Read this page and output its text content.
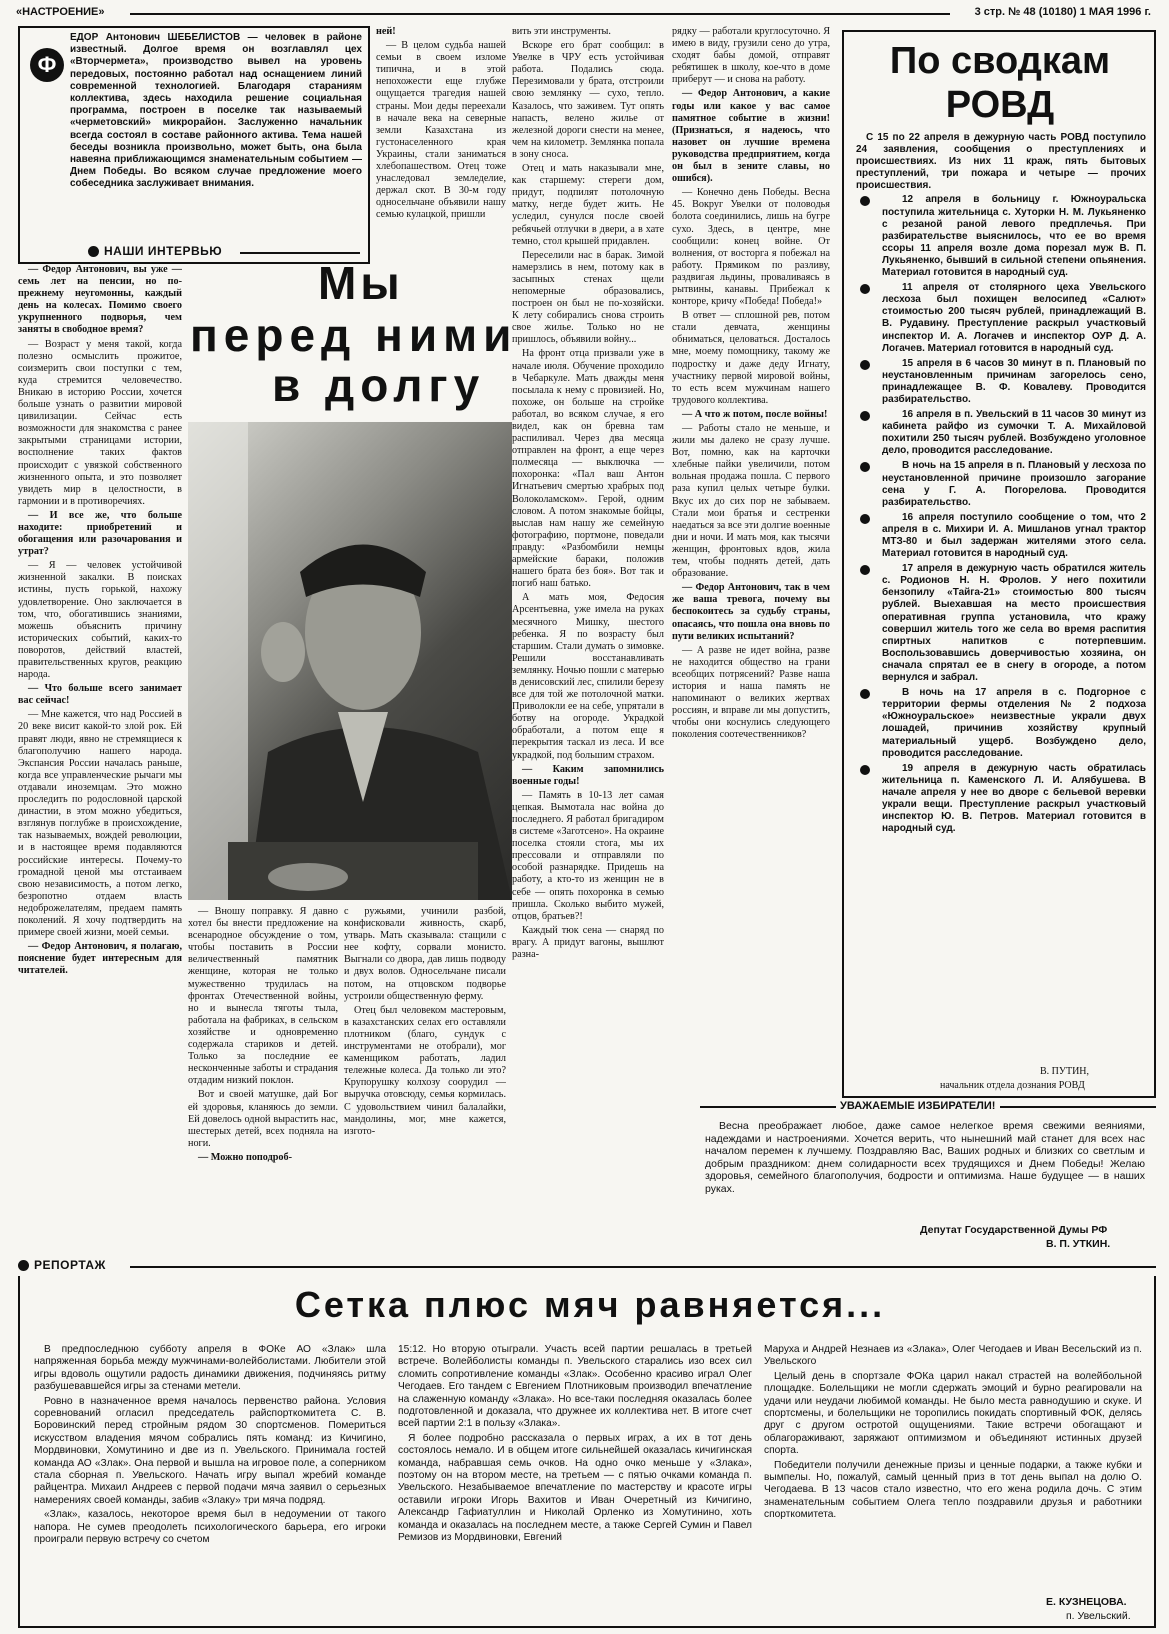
«НАСТРОЕНИЕ»	3 стр. № 48 (10180) 1 МАЯ 1996 г.
Ф
ЕДОР Антонович ШЕБЕЛИСТОВ — человек в районе известный. Долгое время он возглавлял цех «Вторчермета», производство вывел на уровень передовых, постоянно работал над оснащением линий современной технологией. Благодаря стараниям коллектива, здесь находила решение социальная программа, построен в поселке так называемый «черметовский» микрорайон. Заслуженно начальник всегда состоял в составе районного актива. Тема нашей беседы возникла произвольно, может быть, она была навеяна приближающимся знаменательным событием — Днем Победы. Во всяком случае предложение моего собеседника заслуживает внимания.
НАШИ ИНТЕРВЬЮ
Мы
перед ними
в долгу

— Федор Антонович, вы уже — семь лет на пенсии, но по-прежнему неугомонны, каждый день на колесах. Помимо своего укрупненного подворья, чем заняты в свободное время?

— Возраст у меня такой, когда полезно осмыслить прожитое, соизмерить свои поступки с тем, куда стремится человечество. Вникаю в историю России, хочется больше узнать о развитии мировой цивилизации. Сейчас есть возможности для знакомства с ранее закрытыми страницами истории, восполнение таких фактов происходит с увязкой собственного жизненного опыта, и это позволяет увидеть мир в целостности, в гармонии и в противоречиях.

— И все же, что больше находите: приобретений и обогащения или разочарования и утрат?

— Я — человек устойчивой жизненной закалки. В поисках истины, пусть горькой, нахожу удовлетворение. Оно заключается в том, что, обогатившись знаниями, можешь объяснить причину исторических событий, каких-то поворотов, действий властей, правительственных кругов, реакцию народа.

— Что больше всего занимает вас сейчас!

— Мне кажется, что над Россией в 20 веке висит какой-то злой рок. Ей правят люди, явно не стремящиеся к благополучию нашего народа. Экспансия России началась раньше, когда все управленческие рычаги мы отдавали иноземцам. Это можно проследить по родословной царской династии, в этом можно убедиться, взглянув поглубже в происхождение, так называемых, вождей революции, и в настоящее время подавляются российские интересы. Почему-то громадной ценой мы отстаиваем свою независимость, а потом легко, безропотно отдаем власть недоброжелателям, предаем память поколений. Я хочу подтвердить на примере своей жизни, моей семьи.

— Федор Антонович, я полагаю, пояснение будет интересным для читателей.

ней!

— В целом судьба нашей семьи в своем изломе типична, и в этой непохожести еще глубже ощущается трагедия нашей страны. Мои деды переехали в начале века на северные земли Казахстана из густонаселенного края Украины, стали заниматься хлебопашеством. Отец тоже унаследовал земледелие, держал скот. В 30-м году односельчане объявили нашу семью кулацкой, пришли

— Вношу поправку. Я давно хотел бы внести предложение на всенародное обсуждение о том, чтобы поставить в России величественный памятник женщине, которая не только мужественно трудилась на фронтах Отечественной войны, но и вынесла тяготы тыла, работала на фабриках, в сельском хозяйстве и одновременно содержала стариков и детей. Только за последние ее несконченные заботы и страдания отдадим низкий поклон.

Вот и своей матушке, дай Бог ей здоровья, кланяюсь до земли. Ей довелось одной вырастить нас, шестерых детей, всех подняла на ноги.

— Можно поподроб-

вить эти инструменты.

Вскоре его брат сообщил: в Увелке в ЧРУ есть устойчивая работа. Подались сюда. Перезимовали у брата, отстроили свою землянку — сухо, тепло. Казалось, что заживем. Тут опять напасть, велено жилье от железной дороги снести на менее, чем на километр. Землянка попала в зону сноса.

Отец и мать наказывали мне, как старшему: стереги дом, придут, подпилят потолочную матку, негде будет жить. Не уследил, сунулся после своей ребячьей отлучки в двери, а в хате темно, стол крышей придавлен.

Переселили нас в барак. Зимой намерзлись в нем, потому как в засыпных стенах щели непомерные образовались, построен он был не по-хозяйски. К лету собирались снова строить свое жилье. Только но не пришлось, объявили войну...

На фронт отца призвали уже в начале июля. Обучение проходило в Чебаркуле. Мать дважды меня посылала к нему с провизией. Но, похоже, он больше на стройке работал, во всяком случае, я его видел, как он бревна там распиливал. Через два месяца отправлен на фронт, а еще через полмесяца — выключка — похоронка: «Пал ваш Антон Игнатьевич смертью храбрых под Волоколамском». Герой, одним словом. А потом знакомые бойцы, выслав нам нашу же семейную фотографию, портмоне, поведали правду: «Разбомбили немцы армейские бараки, положив нашего брата без боя». Вот так и погиб наш батько.

А мать моя, Федосия Арсентьевна, уже имела на руках месячного Мишку, шестого ребенка. Я по возрасту был старшим. Стали думать о зимовке. Решили восстанавливать землянку. Ночью пошли с матерью в денисовский лес, спилили березу все для той же потолочной матки. Приволокли ее на себе, упрятали в ботву на огороде. Украдкой обработали, а потом еще я перекрытия таскал из леса. И все украдкой, под большим страхом.

— Каким запомнились военные годы!

— Память в 10-13 лет самая цепкая. Вымотала нас война до последнего. Я работал бригадиром в системе «Заготсено». На окраине поселка стояли стога, мы их прессовали и отправляли по особой разнарядке. Придешь на работу, а кто-то из женщин не в себе — опять похоронка в семью пришла. Сколько выбито мужей, отцов, братьев?!

Каждый тюк сена — снаряд по врагу. А придут вагоны, вышлют разна-

с ружьями, учинили разбой, конфисковали живность, скарб, утварь. Мать сказывала: стащили с нее кофту, сорвали монисто. Выгнали со двора, дав лишь подводу и двух волов. Односельчане писали потом, на отцовском подворье устроили общественную ферму.

Отец был человеком мастеровым, в казахстанских селах его оставляли плотником (благо, сундук с инструментами не отобрали), мог каменщиком работать, ладил тележные колеса. Да только ли это? Крупорушку колхозу соорудил — выручка отовсюду, семья кормилась. С удовольствием чинил балалайки, мандолины, мог, мне кажется, изгото-

рядку — работали круглосуточно. Я имею в виду, грузили сено до утра, сходят бабы домой, отправят ребятишек в школу, кое-что в доме приберут — и снова на работу.

— Федор Антонович, а какие годы или какое у вас самое памятное событие в жизни! (Признаться, я надеюсь, что назовет он лучшие времена руководства предприятием, когда он был в зените славы, но ошибся).

— Конечно день Победы. Весна 45. Вокруг Увелки от половодья болота соединились, лишь на бугре сухо. Здесь, в центре, мне сообщили: конец войне. От волнения, от восторга я побежал на работу. Прямиком по разливу, раздвигая льдины, проваливаясь в рытвины, канавы. Прибежал к конторе, кричу «Победа! Победа!»

В ответ — сплошной рев, потом стали девчата, женщины обниматься, целоваться. Досталось мне, моему помощнику, такому же подростку и даже деду Игнату, участнику первой мировой войны, то есть всем мужчинам нашего трудового коллектива.

— А что ж потом, после войны!

— Работы стало не меньше, и жили мы далеко не сразу лучше. Вот, помню, как на карточки хлебные пайки увеличили, потом вольная продажа пошла. С первого раза купил целых четыре булки. Вкус их до сих пор не забываем. Стали мои братья и сестренки наедаться за все эти долгие военные дни и ночи. И мать моя, как тысячи женщин, фронтовых вдов, жила тем, чтобы поднять детей, дать образование.

— Федор Антонович, так в чем же ваша тревога, почему вы беспокоитесь за судьбу страны, опасаясь, что пошла она вновь по пути великих испытаний?

— А разве не идет война, разве не находится общество на грани всеобщих потрясений? Разве наша история и наша память не напоминают о великих жертвах россиян, и вправе ли мы допустить, чтобы они коснулись следующего поколения соотечественников?

По сводкам
РОВД

С 15 по 22 апреля в дежурную часть РОВД поступило 24 заявления, сообщения о преступлениях и происшествиях. Из них 11 краж, пять бытовых преступлений, три пожара и четыре — прочих происшествия.

12 апреля в больницу г. Южноуральска поступила жительница с. Хуторки Н. М. Лукьяненко с резаной раной левого предплечья. При разбирательстве выяснилось, что ее во время ссоры 11 апреля возле дома порезал муж В. П. Лукьяненко, бывший в сильной степени опьянения. Материал готовится в народный суд.

11 апреля от столярного цеха Увельского лесхоза был похищен велосипед «Салют» стоимостью 200 тысяч рублей, принадлежащий В. В. Рудавину. Преступление раскрыл участковый инспектор И. А. Логачев и инспектор ОУР Д. А. Логачев. Материал готовится в народный суд.

15 апреля в 6 часов 30 минут в п. Плановый по неустановленным причинам загорелось сено, принадлежащее В. Ф. Ковалеву. Проводится разбирательство.

16 апреля в п. Увельский в 11 часов 30 минут из кабинета райфо из сумочки Т. А. Михайловой похитили 250 тысяч рублей. Возбуждено уголовное дело, проводится расследование.

В ночь на 15 апреля в п. Плановый у лесхоза по неустановленной причине произошло загорание сена у Г. А. Погорелова. Проводится разбирательство.

16 апреля поступило сообщение о том, что 2 апреля в с. Михири И. А. Мишланов угнал трактор МТЗ-80 и был задержан жителями этого села. Материал готовится в народный суд.

17 апреля в дежурную часть обратился житель с. Родионов Н. Н. Фролов. У него похитили бензопилу «Тайга-21» стоимостью 800 тысяч рублей. Выехавшая на место происшествия оперативная группа установила, что кражу совершил житель того же села во время распития спиртных напитков с потерпевшим. Воспользовавшись доверчивостью хозяина, он сначала спрятал ее в снегу в огороде, а потом вернулся и забрал.

В ночь на 17 апреля в с. Подгорное с территории фермы отделения № 2 подхоза «Южноуральское» неизвестные украли двух лошадей, причинив хозяйству крупный материальный ущерб. Возбуждено дело, проводится расследование.

19 апреля в дежурную часть обратилась жительница п. Каменского Л. И. Алябушева. В начале апреля у нее во дворе с бельевой веревки украли вещи. Преступление раскрыл участковый инспектор Ю. В. Петров. Материал готовится в народный суд.

В. ПУТИН,
начальник отдела дознания РОВД
УВАЖАЕМЫЕ ИЗБИРАТЕЛИ!
Весна преображает любое, даже самое нелегкое время свежими веяниями, надеждами и настроениями. Хочется верить, что нынешний май станет для всех нас началом перемен к лучшему. Поздравляю Вас, Ваших родных и близких со светлым и добрым праздником: днем солидарности всех трудящихся и Днем Победы! Желаю здоровья, семейного благополучия, бодрости и оптимизма. Наше будущее — в наших руках.
Депутат Государственной Думы РФ
В. П. УТКИН.
РЕПОРТАЖ
Сетка плюс мяч равняется...

В предпоследнюю субботу апреля в ФОКе АО «Злак» шла напряженная борьба между мужчинами-волейболистами. Любители этой игры вдоволь ощутили радость динамики движения, подчиняясь ритму разбушевавшейся игры за стенами метели.

Ровно в назначенное время началось первенство района. Условия соревнований огласил председатель райспорткомитета С. В. Боровинский перед стройным рядом 30 спортсменов. Помериться искусством владения мячом собрались пять команд: из Кичигино, Мордвиновки, Хомутинино и две из п. Увельского. Принимала гостей команда АО «Злак». Она первой и вышла на игровое поле, а соперником стала сборная п. Увельского. Начать игру выпал жребий команде райцентра. Михаил Андреев с первой подачи мяча заявил о серьезных намерениях своей команды, забив «Злаку» три мяча подряд.

«Злак», казалось, некоторое время был в недоумении от такого напора. Не сумев преодолеть психологического барьера, его игроки проиграли первую встречу со счетом

15:12. Но вторую отыграли. Участь всей партии решалась в третьей встрече. Волейболисты команды п. Увельского старались изо всех сил сломить сопротивление команды «Злак». Особенно красиво играл Олег Чегодаев. Его тандем с Евгением Плотниковым производил впечатление на слаженную команду «Злака». Но все-таки последняя оказалась более подготовленной и доказала, что дружнее их коллектива нет. В итоге счет всей партии 2:1 в пользу «Злака».

Я более подробно рассказала о первых играх, а их в тот день состоялось немало. И в общем итоге сильнейшей оказалась кичигинская команда, набравшая семь очков. На одно очко меньше у «Злака», поэтому он на втором месте, на третьем — с пятью очками команда п. Увельского. Незабываемое впечатление по мастерству и красоте игры оставили игроки Игорь Вахитов и Иван Очеретный из Кичигино, Александр Гафиатуллин и Николай Орленко из Хомутинино, хоть команда и оказалась на последнем месте, а также Сергей Сумин и Павел Ремизов из Мордвиновки, Евгений

Маруха и Андрей Незнаев из «Злака», Олег Чегодаев и Иван Весельский из п. Увельского

Целый день в спортзале ФОКа царил накал страстей на волейбольной площадке. Болельщики не могли сдержать эмоций и бурно реагировали на удачи или неудачи любимой команды. Не было места равнодушию и скуке. И спортсмены, и болельщики не торопились покидать спортивный ФОК, делясь друг с другом остротой ощущениями. Такие встречи обогащают и облагораживают, заряжают оптимизмом и объединяют истинных друзей спорта.

Победители получили денежные призы и ценные подарки, а также кубки и вымпелы. Но, пожалуй, самый ценный приз в тот день выпал на долю О. Чегодаева. В 13 часов стало известно, что его жена родила дочь. С этим знаменательным событием Олега тепло поздравили друзья и работники спорткомитета.

Е. КУЗНЕЦОВА.
п. Увельский.
